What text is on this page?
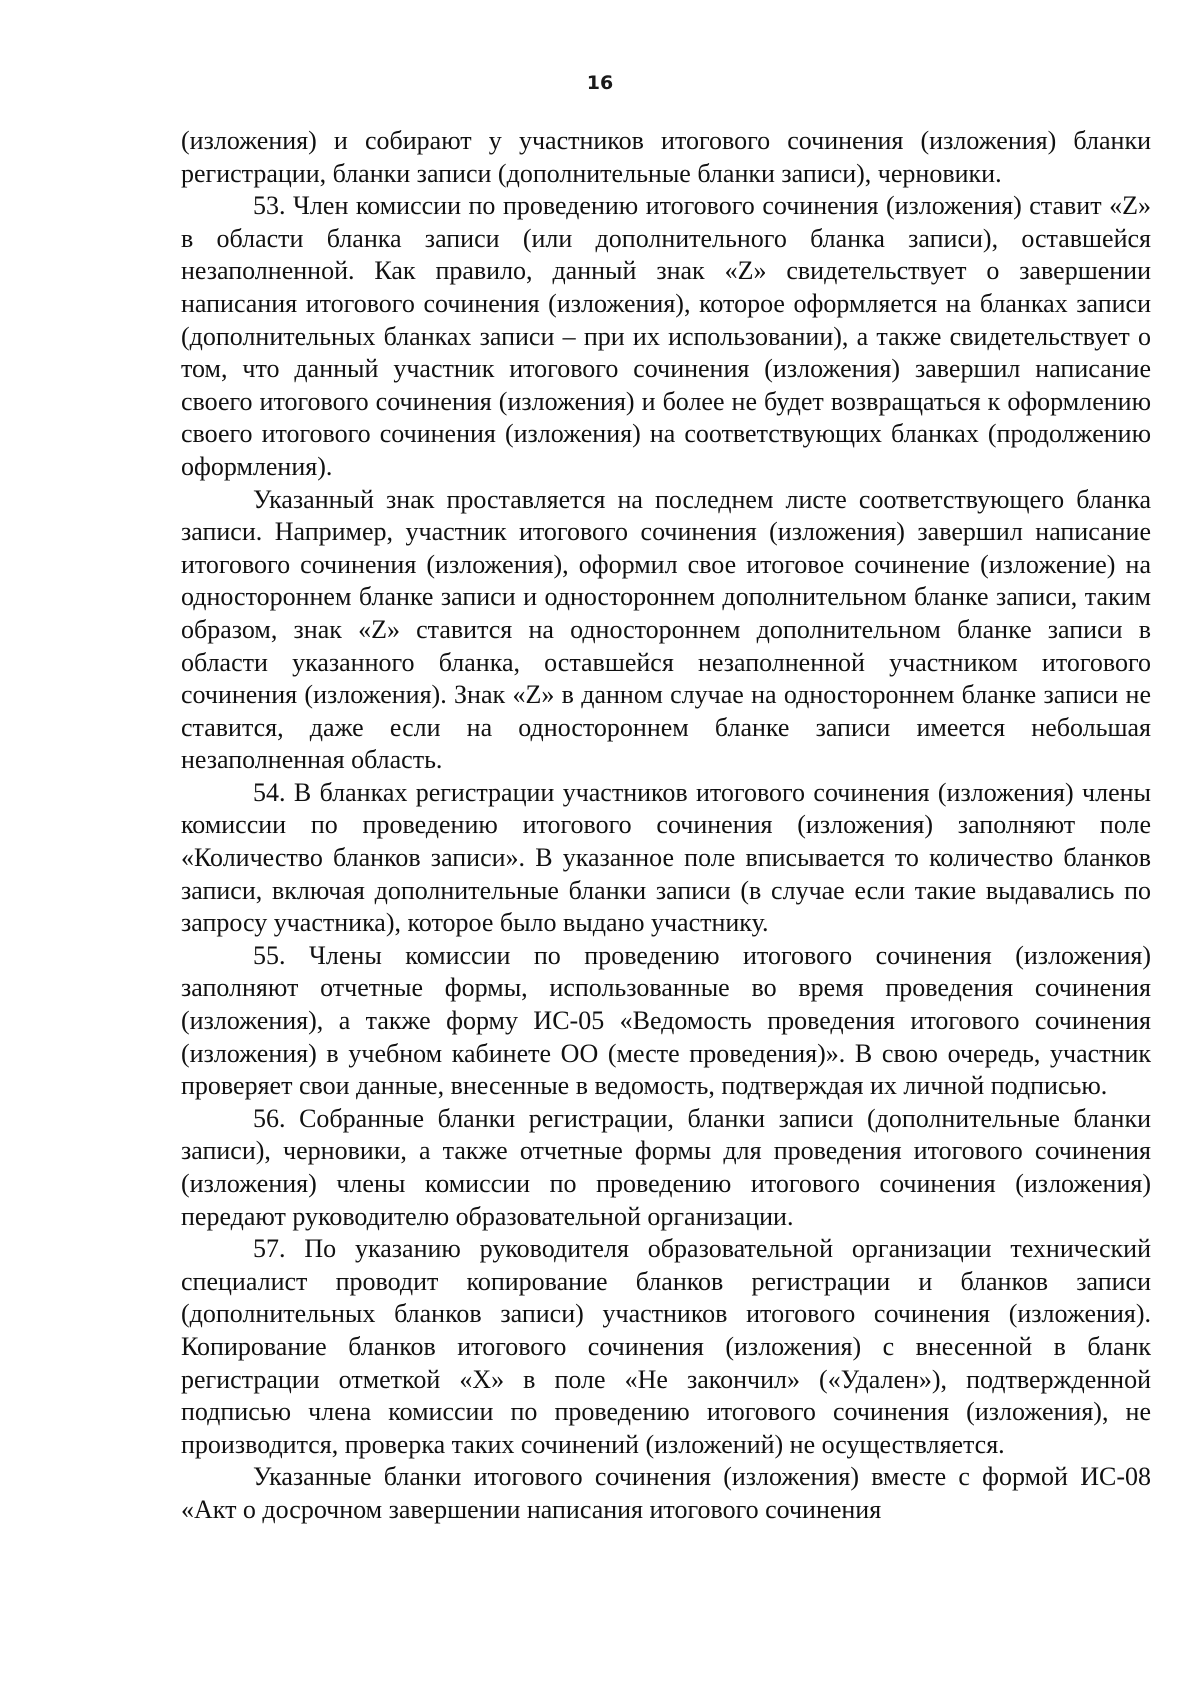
16

(изложения) и собирают у участников итогового сочинения (изложения) бланки регистрации, бланки записи (дополнительные бланки записи), черновики.

53. Член комиссии по проведению итогового сочинения (изложения) ставит «Z» в области бланка записи (или дополнительного бланка записи), оставшейся незаполненной. Как правило, данный знак «Z» свидетельствует о завершении написания итогового сочинения (изложения), которое оформляется на бланках записи (дополнительных бланках записи – при их использовании), а также свидетельствует о том, что данный участник итогового сочинения (изложения) завершил написание своего итогового сочинения (изложения) и более не будет возвращаться к оформлению своего итогового сочинения (изложения) на соответствующих бланках (продолжению оформления).

Указанный знак проставляется на последнем листе соответствующего бланка записи. Например, участник итогового сочинения (изложения) завершил написание итогового сочинения (изложения), оформил свое итоговое сочинение (изложение) на одностороннем бланке записи и одностороннем дополнительном бланке записи, таким образом, знак «Z» ставится на одностороннем дополнительном бланке записи в области указанного бланка, оставшейся незаполненной участником итогового сочинения (изложения). Знак «Z» в данном случае на одностороннем бланке записи не ставится, даже если на одностороннем бланке записи имеется небольшая незаполненная область.

54. В бланках регистрации участников итогового сочинения (изложения) члены комиссии по проведению итогового сочинения (изложения) заполняют поле «Количество бланков записи». В указанное поле вписывается то количество бланков записи, включая дополнительные бланки записи (в случае если такие выдавались по запросу участника), которое было выдано участнику.

55. Члены комиссии по проведению итогового сочинения (изложения) заполняют отчетные формы, использованные во время проведения сочинения (изложения), а также форму ИС-05 «Ведомость проведения итогового сочинения (изложения) в учебном кабинете ОО (месте проведения)». В свою очередь, участник проверяет свои данные, внесенные в ведомость, подтверждая их личной подписью.

56. Собранные бланки регистрации, бланки записи (дополнительные бланки записи), черновики, а также отчетные формы для проведения итогового сочинения (изложения) члены комиссии по проведению итогового сочинения (изложения) передают руководителю образовательной организации.

57. По указанию руководителя образовательной организации технический специалист проводит копирование бланков регистрации и бланков записи (дополнительных бланков записи) участников итогового сочинения (изложения). Копирование бланков итогового сочинения (изложения) с внесенной в бланк регистрации отметкой «X» в поле «Не закончил» («Удален»), подтвержденной подписью члена комиссии по проведению итогового сочинения (изложения), не производится, проверка таких сочинений (изложений) не осуществляется.

Указанные бланки итогового сочинения (изложения) вместе с формой ИС-08 «Акт о досрочном завершении написания итогового сочинения
